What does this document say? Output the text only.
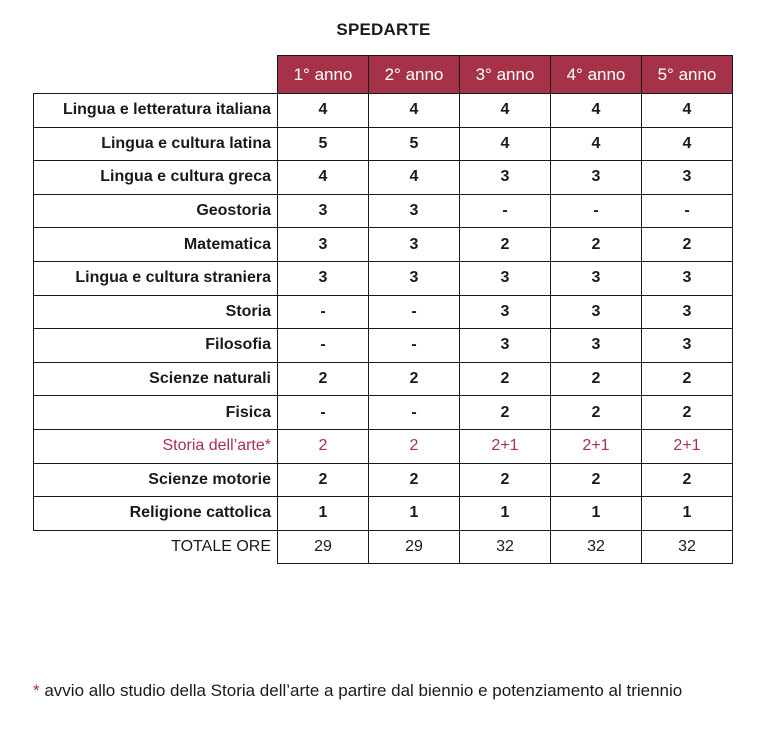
SPEDARTE
	1° anno	2° anno	3° anno	4° anno	5° anno
Lingua e letteratura italiana	4	4	4	4	4
Lingua e cultura latina	5	5	4	4	4
Lingua e cultura greca	4	4	3	3	3
Geostoria	3	3	-	-	-
Matematica	3	3	2	2	2
Lingua e cultura straniera	3	3	3	3	3
Storia	-	-	3	3	3
Filosofia	-	-	3	3	3
Scienze naturali	2	2	2	2	2
Fisica	-	-	2	2	2
Storia dell’arte*	2	2	2+1	2+1	2+1
Scienze motorie	2	2	2	2	2
Religione cattolica	1	1	1	1	1
TOTALE ORE	29	29	32	32	32
* avvio allo studio della Storia dell’arte a partire dal biennio e potenziamento al triennio
